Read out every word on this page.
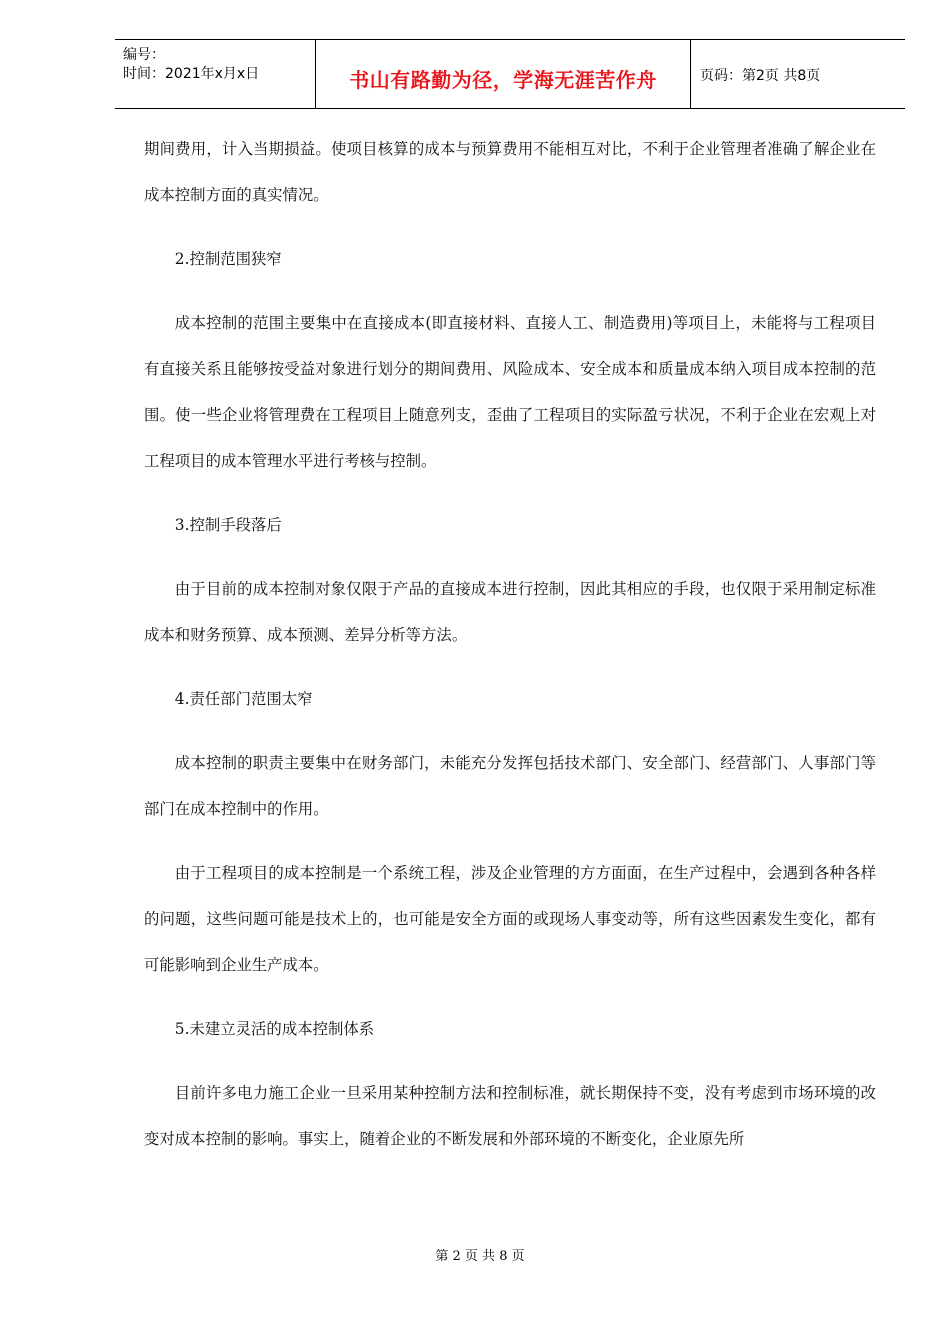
编号：
时间：2021年x月x日	书山有路勤为径，学海无涯苦作舟	页码：第2页 共8页

期间费用，计入当期损益。使项目核算的成本与预算费用不能相互对比，不利于企业管理者准确了解企业在成本控制方面的真实情况。

2.控制范围狭窄

成本控制的范围主要集中在直接成本(即直接材料、直接人工、制造费用)等项目上，未能将与工程项目有直接关系且能够按受益对象进行划分的期间费用、风险成本、安全成本和质量成本纳入项目成本控制的范围。使一些企业将管理费在工程项目上随意列支，歪曲了工程项目的实际盈亏状况，不利于企业在宏观上对工程项目的成本管理水平进行考核与控制。

3.控制手段落后

由于目前的成本控制对象仅限于产品的直接成本进行控制，因此其相应的手段，也仅限于采用制定标准成本和财务预算、成本预测、差异分析等方法。

4.责任部门范围太窄

成本控制的职责主要集中在财务部门，未能充分发挥包括技术部门、安全部门、经营部门、人事部门等部门在成本控制中的作用。

由于工程项目的成本控制是一个系统工程，涉及企业管理的方方面面，在生产过程中，会遇到各种各样的问题，这些问题可能是技术上的，也可能是安全方面的或现场人事变动等，所有这些因素发生变化，都有可能影响到企业生产成本。

5.未建立灵活的成本控制体系

目前许多电力施工企业一旦采用某种控制方法和控制标准，就长期保持不变，没有考虑到市场环境的改变对成本控制的影响。事实上，随着企业的不断发展和外部环境的不断变化，企业原先所

第 2 页 共 8 页
